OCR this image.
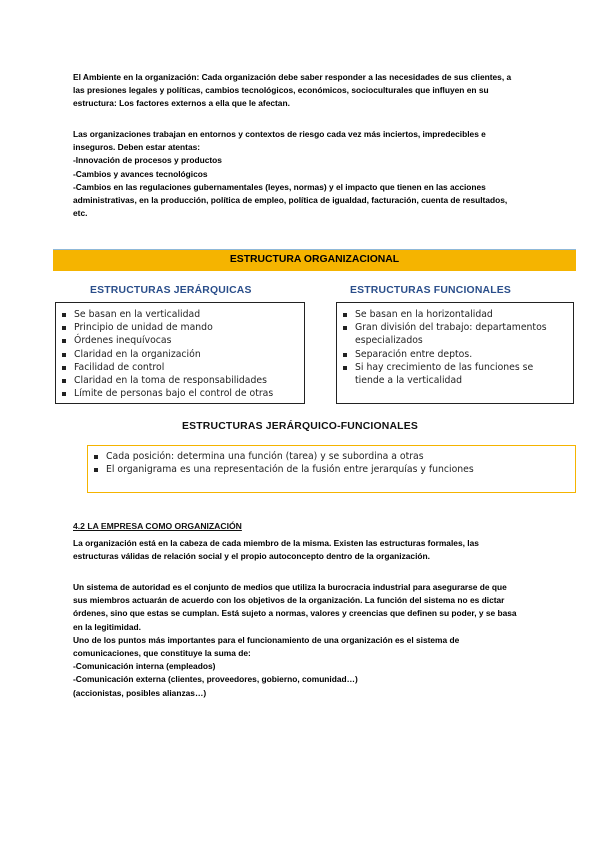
El Ambiente en la organización: Cada organización debe saber responder a las necesidades de sus clientes, a
las presiones legales y políticas, cambios tecnológicos, económicos, socioculturales que influyen en su
estructura: Los factores externos a ella que le afectan.
Las organizaciones trabajan en entornos y contextos de riesgo cada vez más inciertos, impredecibles e
inseguros. Deben estar atentas:
-Innovación de procesos y productos
-Cambios y avances tecnológicos
-Cambios en las regulaciones gubernamentales (leyes, normas) y el impacto que tienen en las acciones
administrativas, en la producción, política de empleo, política de igualdad, facturación, cuenta de resultados,
etc.
ESTRUCTURA ORGANIZACIONAL
ESTRUCTURAS JERÁRQUICAS	ESTRUCTURAS FUNCIONALES
Se basan en la verticalidad
Principio de unidad de mando
Órdenes inequívocas
Claridad en la organización
Facilidad de control
Claridad en la toma de responsabilidades
Límite de personas bajo el control de otras
Se basan en la horizontalidad
Gran división del trabajo: departamentos especializados
Separación entre deptos.
Si hay crecimiento de las funciones se tiende a la verticalidad
ESTRUCTURAS JERÁRQUICO-FUNCIONALES
Cada posición: determina una función (tarea) y se subordina a otras
El organigrama es una representación de la fusión entre jerarquías y funciones
4.2 LA EMPRESA COMO ORGANIZACIÓN
La organización está en la cabeza de cada miembro de la misma. Existen las estructuras formales, las
estructuras válidas de relación social y el propio autoconcepto dentro de la organización.
Un sistema de autoridad es el conjunto de medios que utiliza la burocracia industrial para asegurarse de que
sus miembros actuarán de acuerdo con los objetivos de la organización. La función del sistema no es dictar
órdenes, sino que estas se cumplan. Está sujeto a normas, valores y creencias que definen su poder, y se basa
en la legitimidad.
Uno de los puntos más importantes para el funcionamiento de una organización es el sistema de
comunicaciones, que constituye la suma de:
-Comunicación interna (empleados)
-Comunicación externa (clientes, proveedores, gobierno, comunidad…)
(accionistas, posibles alianzas…)
